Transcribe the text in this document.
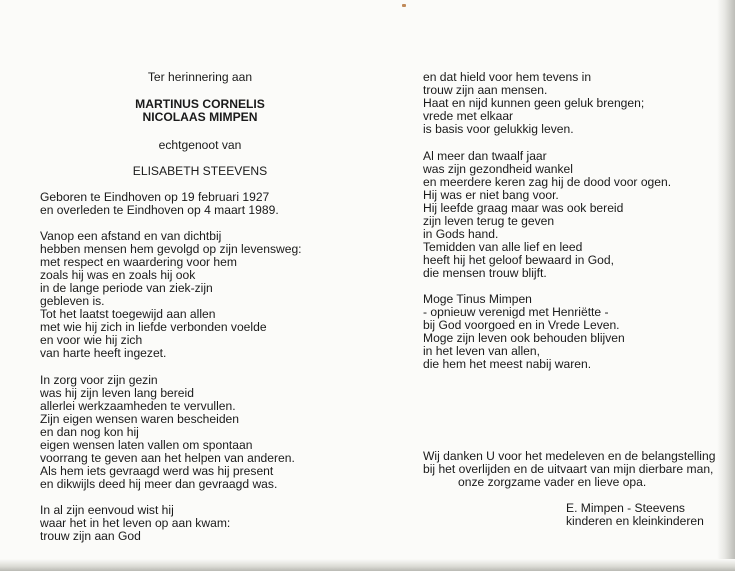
Ter herinnering aan
MARTINUS CORNELIS
NICOLAAS MIMPEN
echtgenoot van
ELISABETH STEEVENS
Geboren te Eindhoven op 19 februari 1927
en overleden te Eindhoven op 4 maart 1989.
Vanop een afstand en van dichtbij
hebben mensen hem gevolgd op zijn levensweg:
met respect en waardering voor hem
zoals hij was en zoals hij ook
in de lange periode van ziek-zijn
gebleven is.
Tot het laatst toegewijd aan allen
met wie hij zich in liefde verbonden voelde
en voor wie hij zich
van harte heeft ingezet.
In zorg voor zijn gezin
was hij zijn leven lang bereid
allerlei werkzaamheden te vervullen.
Zijn eigen wensen waren bescheiden
en dan nog kon hij
eigen wensen laten vallen om spontaan
voorrang te geven aan het helpen van anderen.
Als hem iets gevraagd werd was hij present
en dikwijls deed hij meer dan gevraagd was.
In al zijn eenvoud wist hij
waar het in het leven op aan kwam:
trouw zijn aan God
en dat hield voor hem tevens in
trouw zijn aan mensen.
Haat en nijd kunnen geen geluk brengen;
vrede met elkaar
is basis voor gelukkig leven.
Al meer dan twaalf jaar
was zijn gezondheid wankel
en meerdere keren zag hij de dood voor ogen.
Hij was er niet bang voor.
Hij leefde graag maar was ook bereid
zijn leven terug te geven
in Gods hand.
Temidden van alle lief en leed
heeft hij het geloof bewaard in God,
die mensen trouw blijft.
Moge Tinus Mimpen
- opnieuw verenigd met Henriëtte -
bij God voorgoed en in Vrede Leven.
Moge zijn leven ook behouden blijven
in het leven van allen,
die hem het meest nabij waren.
Wij danken U voor het medeleven en de belangstelling
bij het overlijden en de uitvaart van mijn dierbare man,
onze zorgzame vader en lieve opa.
E. Mimpen - Steevens
kinderen en kleinkinderen
